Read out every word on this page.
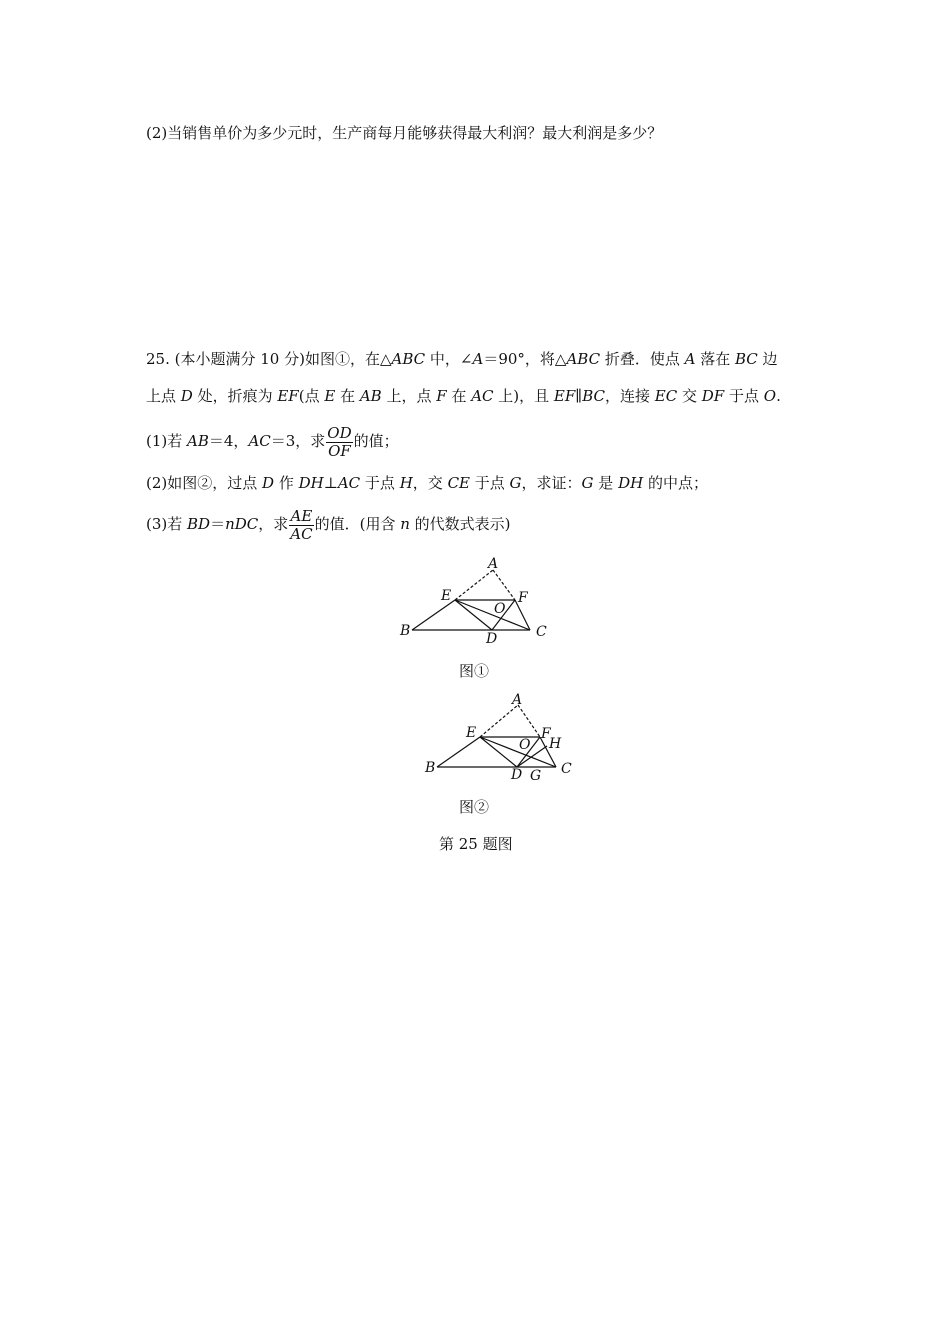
(2)当销售单价为多少元时，生产商每月能够获得最大利润？最大利润是多少？
25. (本小题满分 10 分)如图①，在△ABC 中，∠A＝90°，将△ABC 折叠．使点 A 落在 BC 边
上点 D 处，折痕为 EF(点 E 在 AB 上，点 F 在 AC 上)，且 EF∥BC，连接 EC 交 DF 于点 O.
(1)若 AB＝4，AC＝3，求 $\frac{OD}{OF}$ 的值；
(2)如图②，过点 D 作 DH⊥AC 于点 H，交 CE 于点 G，求证：G 是 DH 的中点；
(3)若 BD＝nDC，求 $\frac{AE}{AC}$ 的值．(用含 n 的代数式表示)
A
E	F
O
B	D	C
图①
A
E	F
H
O
B	D G C
图②
第 25 题图
